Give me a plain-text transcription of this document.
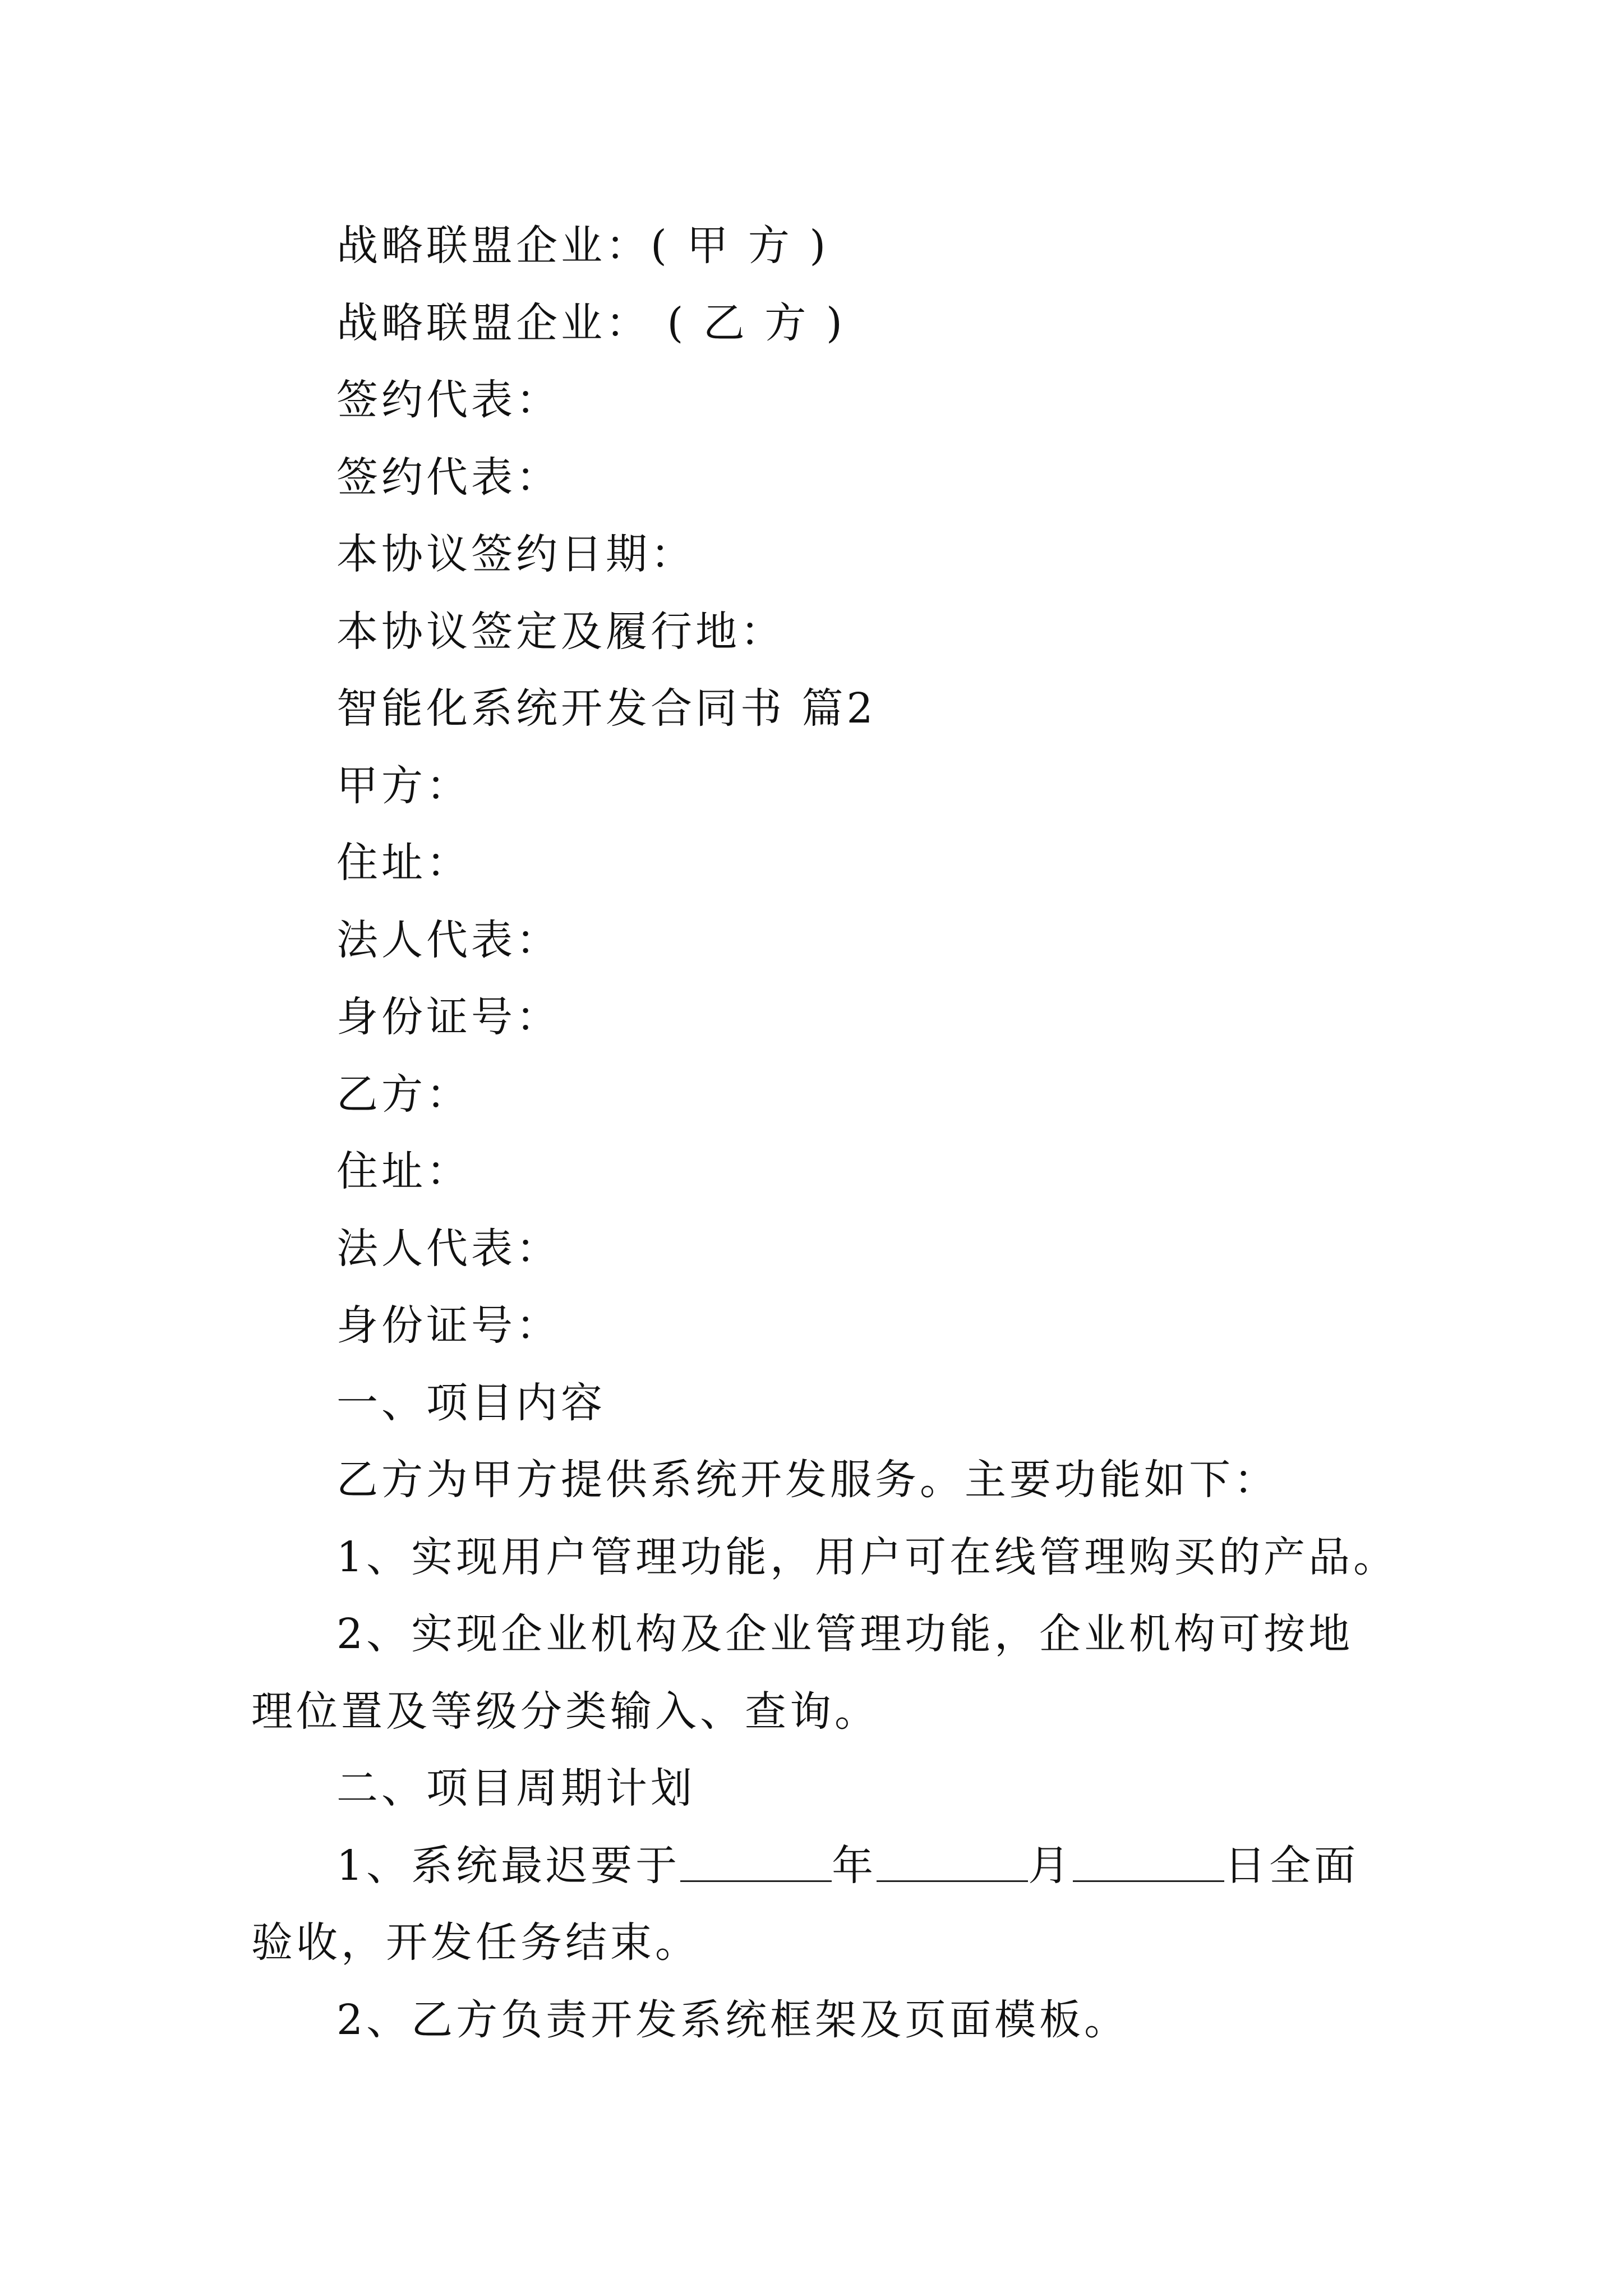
战略联盟企业：( 甲 方 )
战略联盟企业： ( 乙 方 )
签约代表：
签约代表：
本协议签约日期：
本协议签定及履行地：
智能化系统开发合同书 篇2
甲方：
住址：
法人代表：
身份证号：
乙方：
住址：
法人代表：
身份证号：
一、项目内容
乙方为甲方提供系统开发服务。主要功能如下：
1、实现用户管理功能，用户可在线管理购买的产品。
2、实现企业机构及企业管理功能，企业机构可按地理位置及等级分类输入、查询。
二、项目周期计划
1、系统最迟要于	年	月	日全面验收，开发任务结束。
2、乙方负责开发系统框架及页面模板。
